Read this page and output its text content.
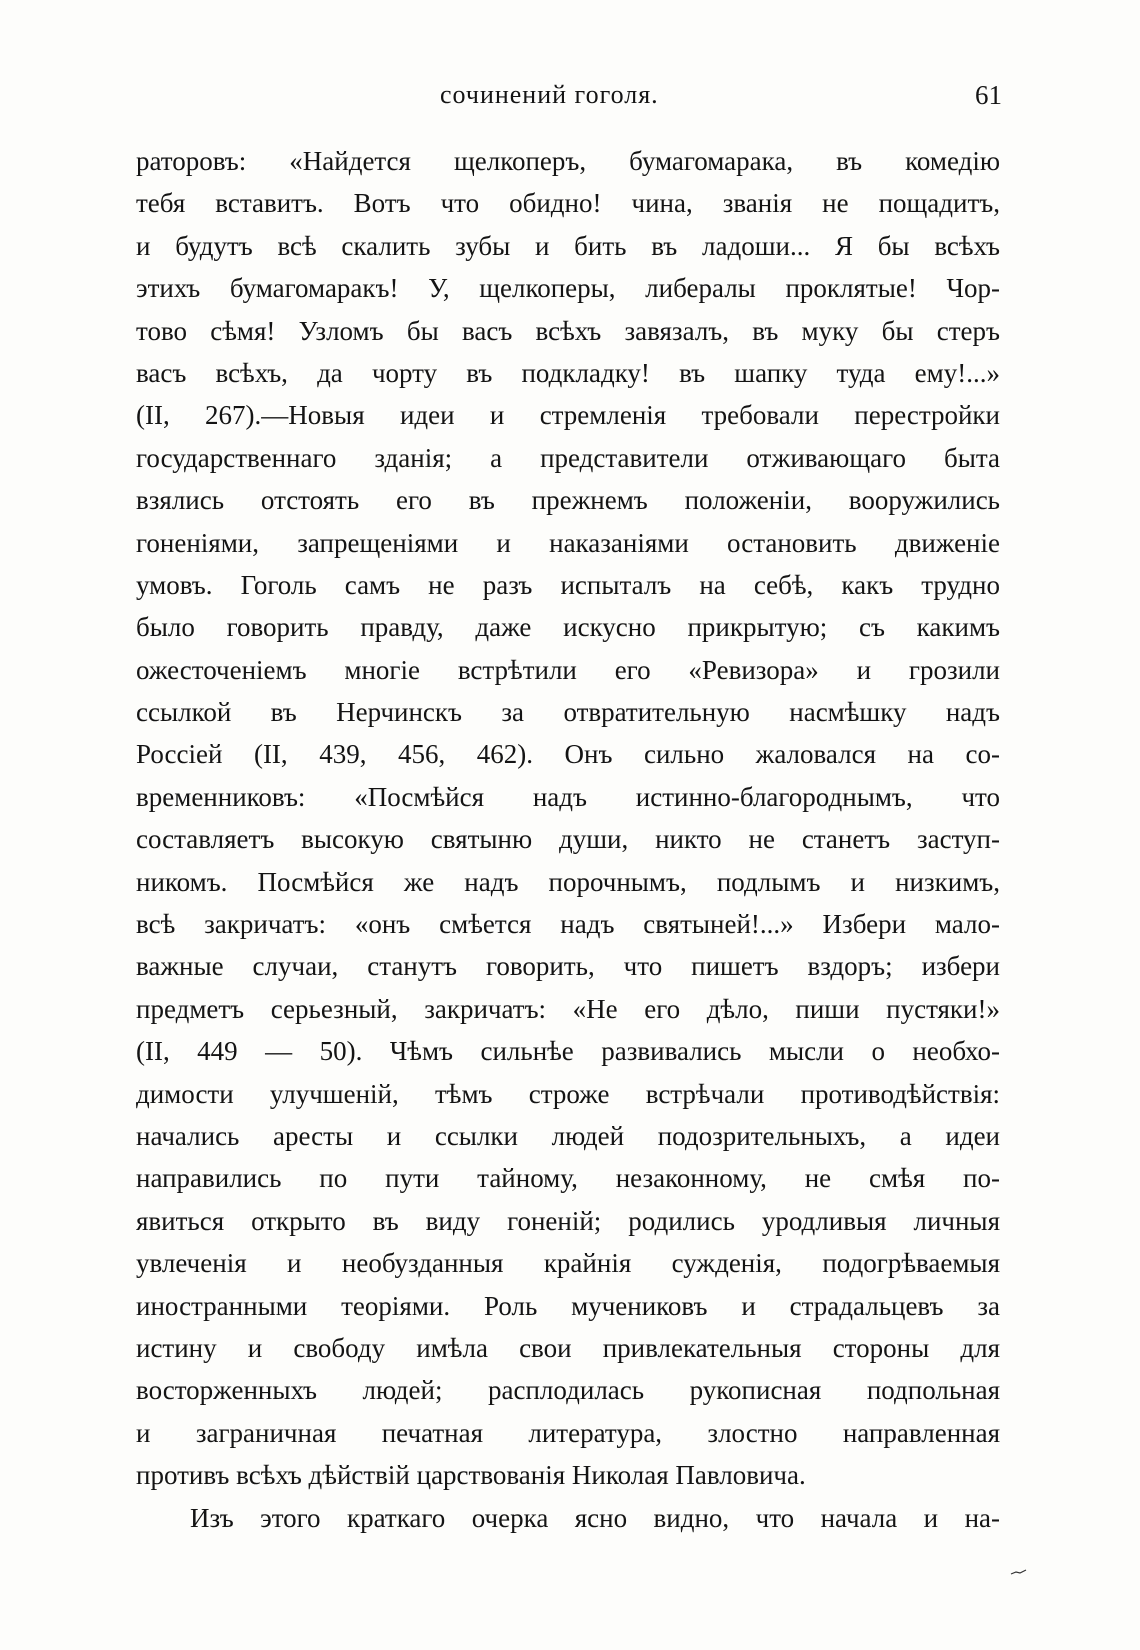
сочинений гоголя.	61
раторовъ: «Найдется щелкоперъ, бумагомарака, въ комедію
тебя вставитъ. Вотъ что обидно! чина, званія не пощадитъ,
и будутъ всѣ скалить зубы и бить въ ладоши... Я бы всѣхъ
этихъ бумагомаракъ! У, щелкоперы, либералы проклятые! Чор-
тово сѣмя! Узломъ бы васъ всѣхъ завязалъ, въ муку бы стеръ
васъ всѣхъ, да чорту въ подкладку! въ шапку туда ему!...»
(II, 267).—Новыя идеи и стремленія требовали перестройки
государственнаго зданія; а представители отживающаго быта
взялись отстоять его въ прежнемъ положеніи, вооружились
гоненіями, запрещеніями и наказаніями остановить движеніе
умовъ. Гоголь самъ не разъ испыталъ на себѣ, какъ трудно
было говорить правду, даже искусно прикрытую; съ какимъ
ожесточеніемъ многіе встрѣтили его «Ревизора» и грозили
ссылкой въ Нерчинскъ за отвратительную насмѣшку надъ
Россіей (II, 439, 456, 462). Онъ сильно жаловался на со-
временниковъ: «Посмѣйся надъ истинно-благороднымъ, что
составляетъ высокую святыню души, никто не станетъ заступ-
никомъ. Посмѣйся же надъ порочнымъ, подлымъ и низкимъ,
всѣ закричатъ: «онъ смѣется надъ святыней!...» Избери мало-
важные случаи, станутъ говорить, что пишетъ вздоръ; избери
предметъ серьезный, закричатъ: «Не его дѣло, пиши пустяки!»
(II, 449 — 50). Чѣмъ сильнѣе развивались мысли о необхо-
димости улучшеній, тѣмъ строже встрѣчали противодѣйствія:
начались аресты и ссылки людей подозрительныхъ, а идеи
направились по пути тайному, незаконному, не смѣя по-
явиться открыто въ виду гоненій; родились уродливыя личныя
увлеченія и необузданныя крайнія сужденія, подогрѣваемыя
иностранными теоріями. Роль мучениковъ и страдальцевъ за
истину и свободу имѣла свои привлекательныя стороны для
восторженныхъ людей; расплодилась рукописная подпольная
и заграничная печатная литература, злостно направленная
противъ всѣхъ дѣйствій царствованія Николая Павловича.
Изъ этого краткаго очерка ясно видно, что начала и на-
